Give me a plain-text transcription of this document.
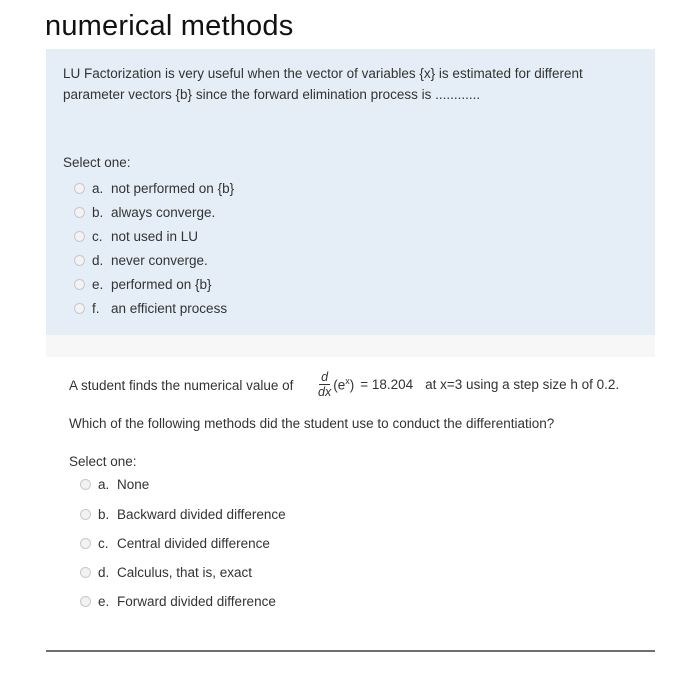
numerical methods
LU Factorization is very useful when the vector of variables {x} is estimated for different parameter vectors {b} since the forward elimination process is ............
Select one:
a. not performed on {b}
b. always converge.
c. not used in LU
d. never converge.
e. performed on {b}
f. an efficient process
A student finds the numerical value of $\frac{d}{dx} (e^x) = 18.204$ at x=3 using a step size h of 0.2.
Which of the following methods did the student use to conduct the differentiation?
Select one:
a. None
b. Backward divided difference
c. Central divided difference
d. Calculus, that is, exact
e. Forward divided difference
